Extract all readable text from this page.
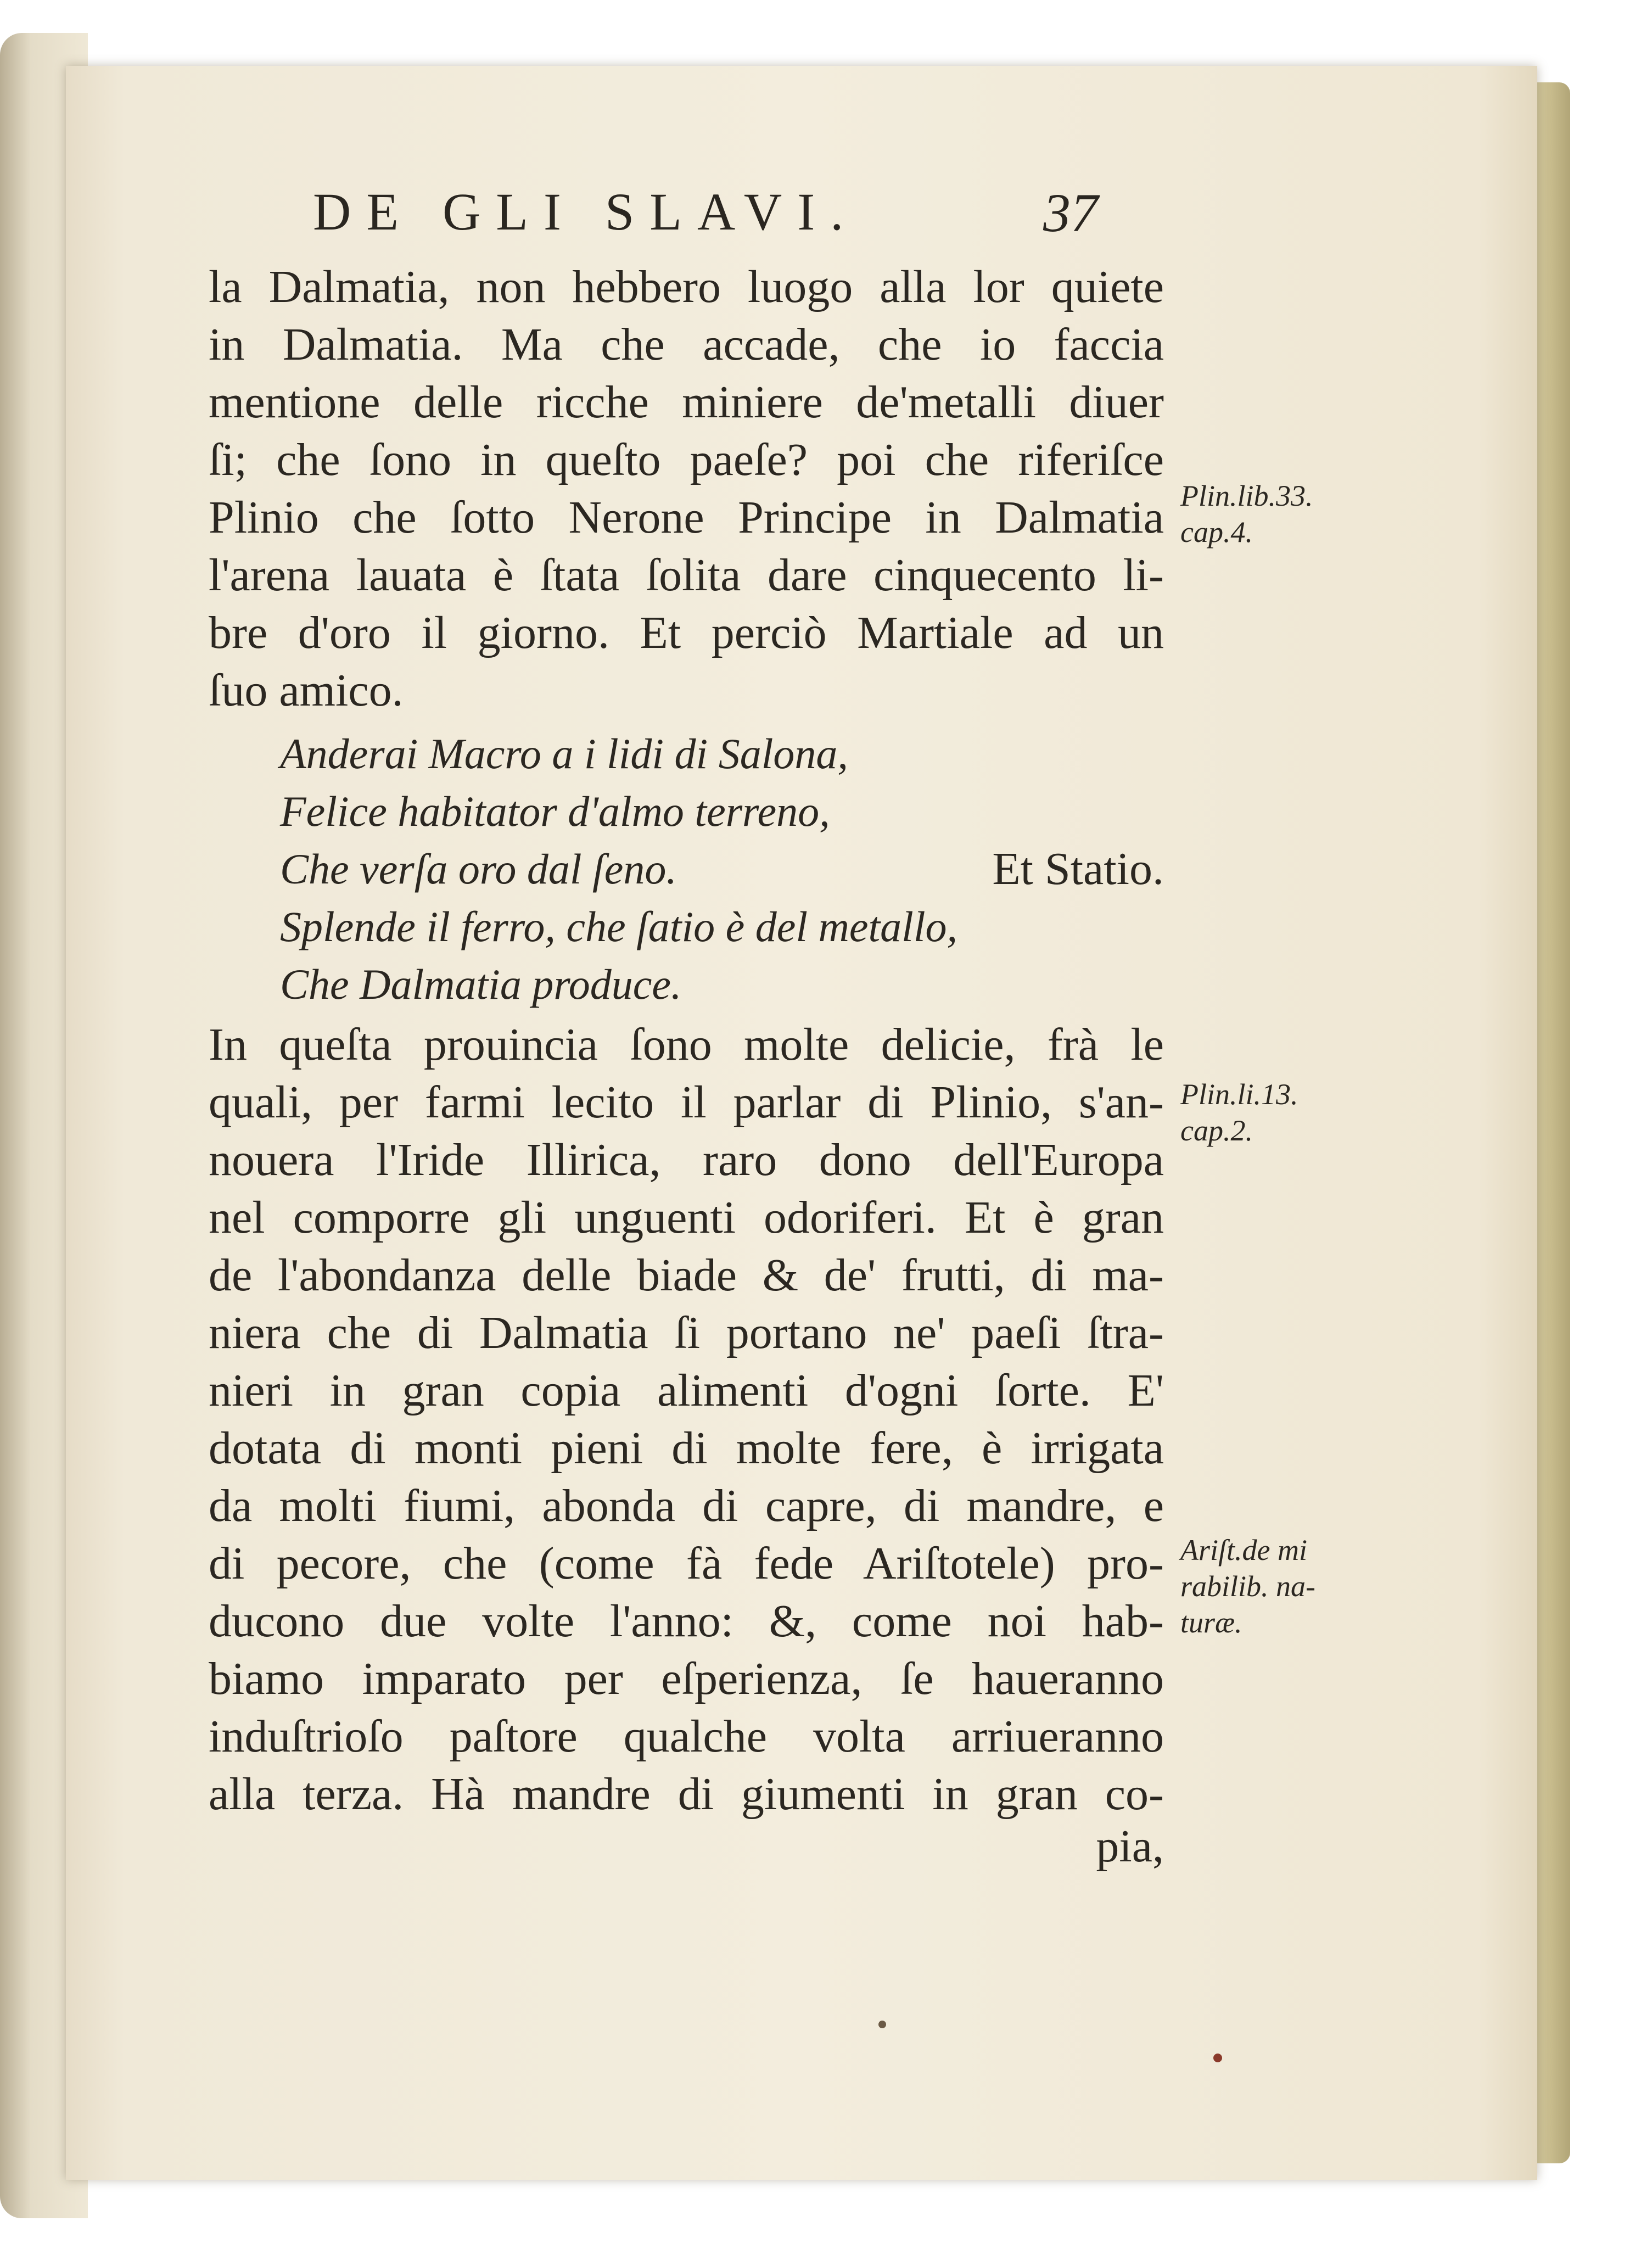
DE GLI SLAVI.	37
la Dalmatia, non hebbero luogo alla lor quiete
in Dalmatia. Ma che accade, che io faccia
mentione delle ricche miniere de'metalli diuer
ſi; che ſono in queſto paeſe? poi che riferiſce
Plinio che ſotto Nerone Principe in Dalmatia
l'arena lauata è ſtata ſolita dare cinquecento li-
bre d'oro il giorno. Et perciò Martiale ad un
ſuo amico.
Anderai Macro a i lidi di Salona,
Felice habitator d'almo terreno,
Che verſa oro dal ſeno.	Et Statio.
Splende il ferro, che ſatio è del metallo,
Che Dalmatia produce.
In queſta prouincia ſono molte delicie, frà le
quali, per farmi lecito il parlar di Plinio, s'an-
nouera l'Iride Illirica, raro dono dell'Europa
nel comporre gli unguenti odoriferi. Et è gran
de l'abondanza delle biade & de' frutti, di ma-
niera che di Dalmatia ſi portano ne' paeſi ſtra-
nieri in gran copia alimenti d'ogni ſorte. E'
dotata di monti pieni di molte fere, è irrigata
da molti fiumi, abonda di capre, di mandre, e
di pecore, che (come fà fede Ariſtotele) pro-
ducono due volte l'anno: &, come noi hab-
biamo imparato per eſperienza, ſe haueranno
induſtrioſo paſtore qualche volta arriueranno
alla terza. Hà mandre di giumenti in gran co-
pia,
Plin.lib.33.
cap.4.
Plin.li.13.
cap.2.
Ariſt.de mi
rabilib. na-
turæ.
